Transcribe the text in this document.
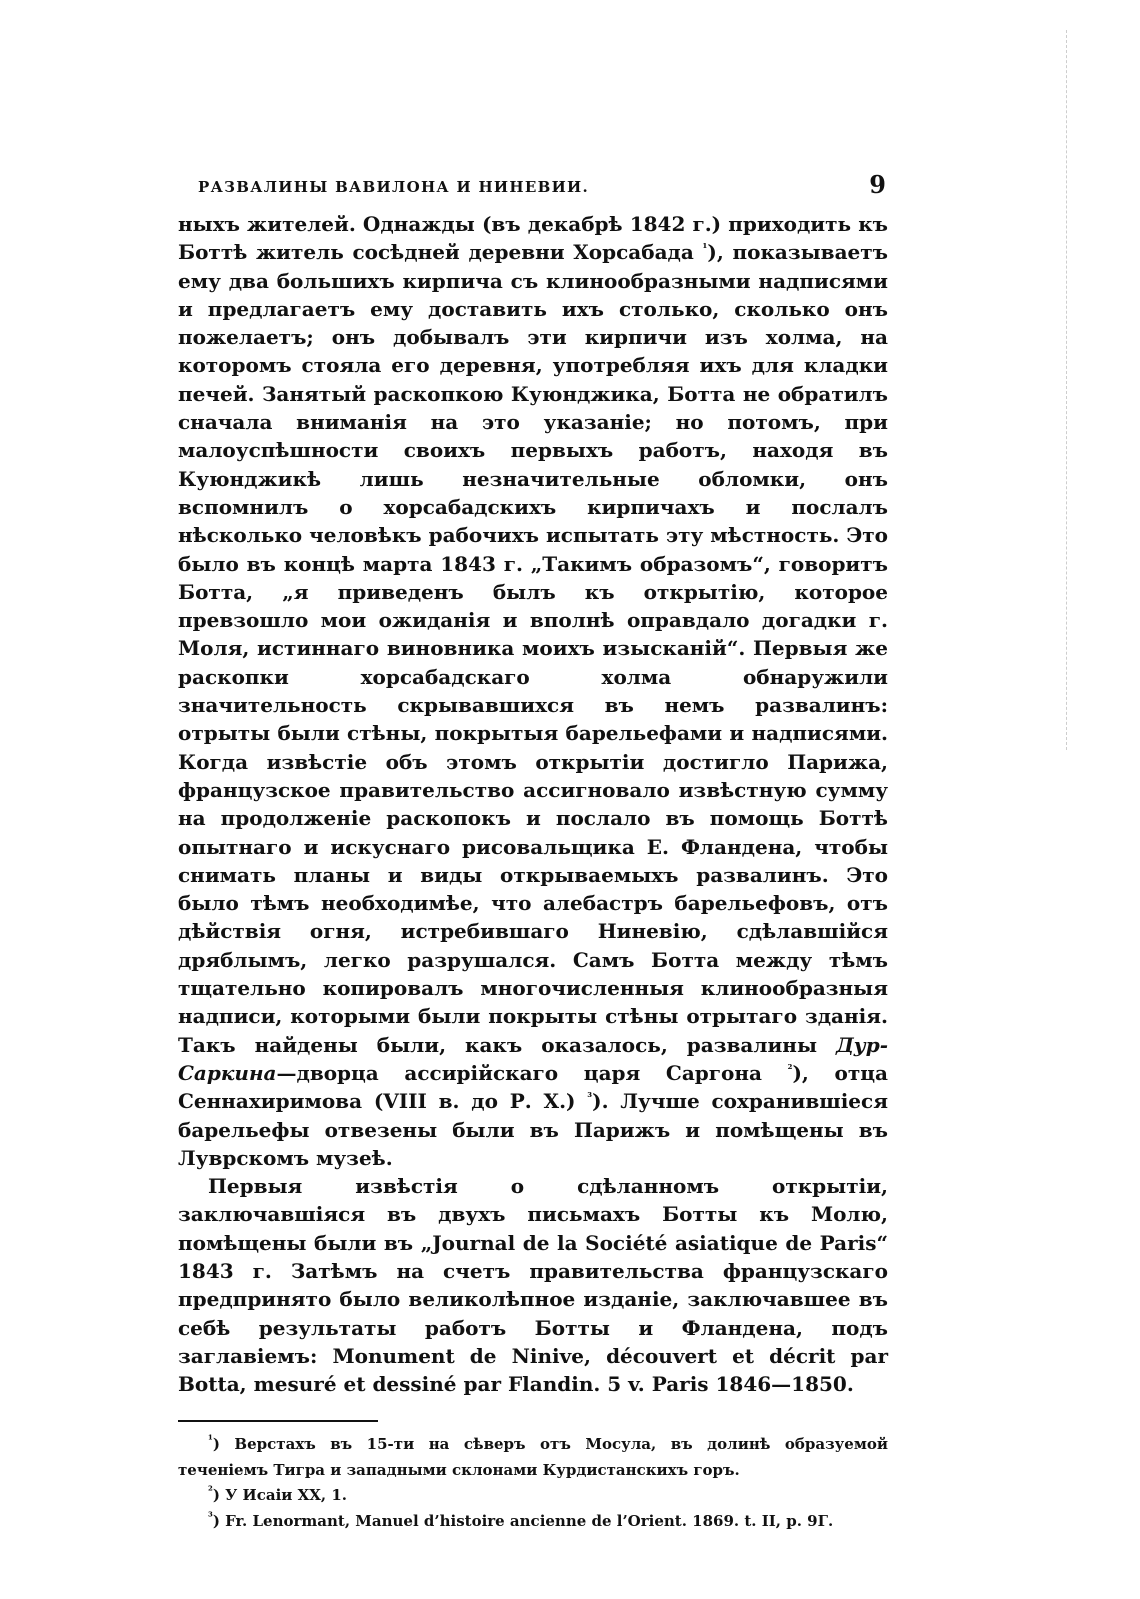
РАЗВАЛИНЫ ВАВИЛОНА И НИНЕВИИ.	9

ныхъ жителей. Однажды (въ декабрѣ 1842 г.) приходить къ Боттѣ житель сосѣдней деревни Хорсабада $^{^1}$), показываетъ ему два большихъ кирпича съ клинообразными надписями и предлагаетъ ему доставить ихъ столько, сколько онъ пожелаетъ; онъ добывалъ эти кирпичи изъ холма, на которомъ стояла его деревня, употребляя ихъ для кладки печей. Занятый раскопкою Куюнджика, Ботта не обратилъ сначала вниманія на это указаніе; но потомъ, при малоуспѣшности своихъ первыхъ работъ, находя въ Куюнджикѣ лишь незначительные обломки, онъ вспомнилъ о хорсабадскихъ кирпичахъ и послалъ нѣсколько человѣкъ рабочихъ испытать эту мѣстность. Это было въ концѣ марта 1843 г. „Такимъ образомъ“, говоритъ Ботта, „я приведенъ былъ къ открытію, которое превзошло мои ожиданія и вполнѣ оправдало догадки г. Моля, истиннаго виновника моихъ изысканій“. Первыя же раскопки хорсабадскаго холма обнаружили значительность скрывавшихся въ немъ развалинъ: отрыты были стѣны, покрытыя барельефами и надписями. Когда извѣстіе объ этомъ открытіи достигло Парижа, французское правительство ассигновало извѣстную сумму на продолженіе раскопокъ и послало въ помощь Боттѣ опытнаго и искуснаго рисовальщика Е. Фландена, чтобы снимать планы и виды открываемыхъ развалинъ. Это было тѣмъ необходимѣе, что алебастръ барельефовъ, отъ дѣйствія огня, истребившаго Ниневію, сдѣлавшійся дряблымъ, легко разрушался. Самъ Ботта между тѣмъ тщательно копировалъ многочисленныя клинообразныя надписи, которыми были покрыты стѣны отрытаго зданія. Такъ найдены были, какъ оказалось, развалины Дур-Саркина—дворца ассирійскаго царя Саргона $^{^2}$), отца Сеннахиримова (VIII в. до Р. Х.) $^{^3}$). Лучше сохранившіеся барельефы отвезены были въ Парижъ и помѣщены въ Луврскомъ музеѣ.

Первыя извѣстія о сдѣланномъ открытіи, заключавшіяся въ двухъ письмахъ Ботты къ Молю, помѣщены были въ „Journal de la Société asiatique de Paris“ 1843 г. Затѣмъ на счетъ правительства французскаго предпринято было великолѣпное изданіе, заключавшее въ себѣ результаты работъ Ботты и Фландена, подъ заглавіемъ: Monument de Ninive, découvert et décrit par Botta, mesuré et dessiné par Flandin. 5 v. Paris 1846—1850.

$^{^1}$) Верстахъ въ 15-ти на сѣверъ отъ Мосула, въ долинѣ образуемой теченіемъ Тигра и западными склонами Курдистанскихъ горъ.

$^{^2}$) У Исаіи XX, 1.

$^{^3}$) Fr. Lenormant, Manuel d’histoire ancienne de l’Orient. 1869. t. II, p. 9Г.
